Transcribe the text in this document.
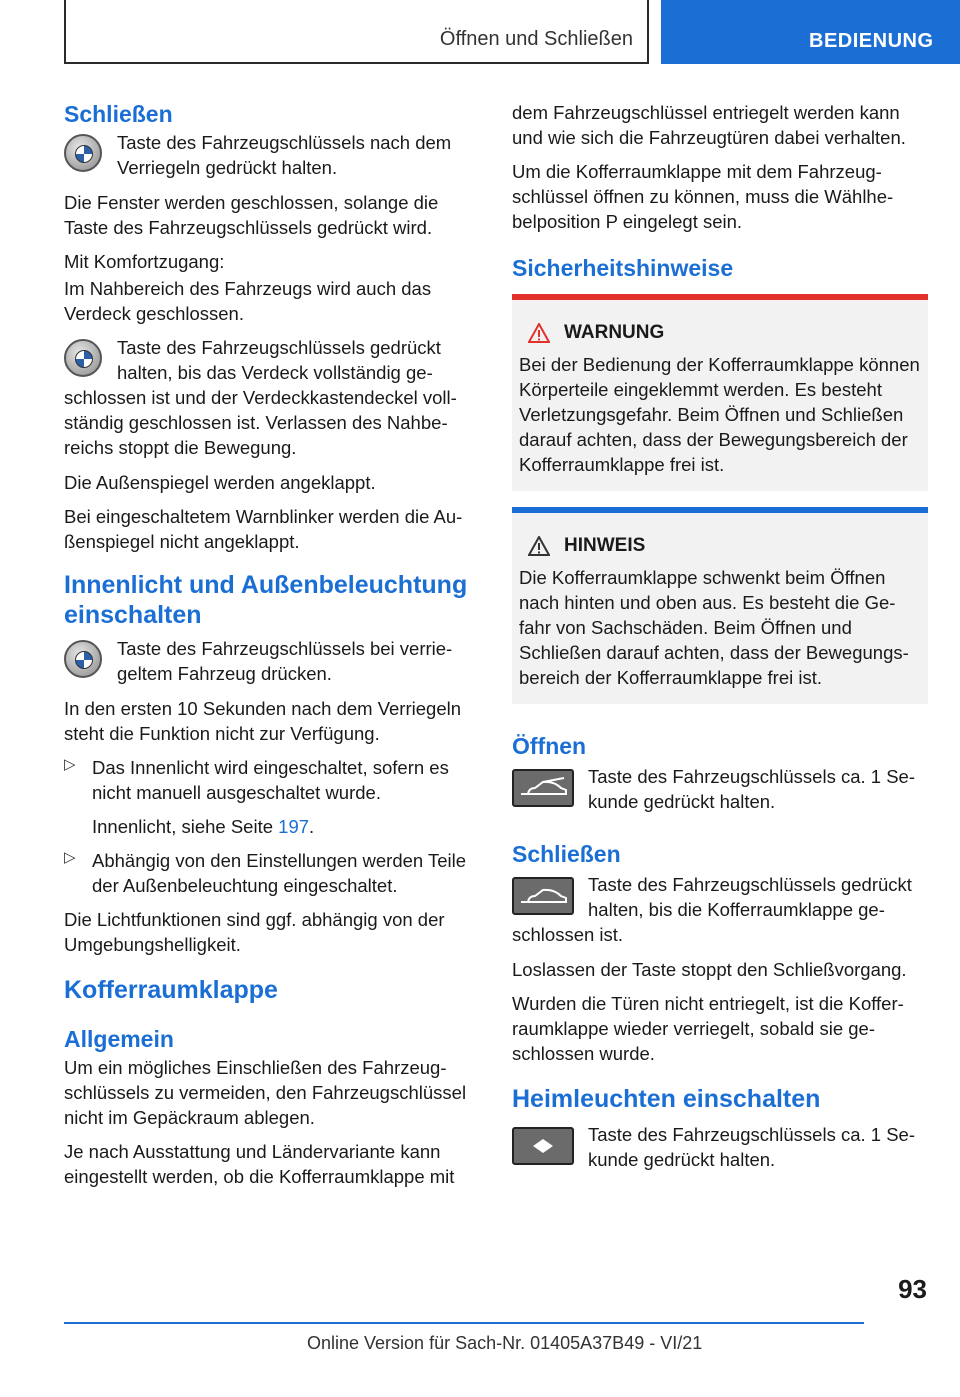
Öffnen und Schließen	BEDIENUNG
Schließen

Taste des Fahrzeugschlüssels nach dem Verriegeln gedrückt halten.

Die Fenster werden geschlossen, solange die Taste des Fahrzeugschlüssels gedrückt wird.

Mit Komfortzugang:

Im Nahbereich des Fahrzeugs wird auch das Verdeck geschlossen.

Taste des Fahrzeugschlüssels gedrückt halten, bis das Verdeck vollständig geschlossen ist und der Verdeckkastendeckel vollständig geschlossen ist. Verlassen des Nahbereichs stoppt die Bewegung.

Die Außenspiegel werden angeklappt.

Bei eingeschaltetem Warnblinker werden die Außenspiegel nicht angeklappt.

Innenlicht und Außenbeleuchtung einschalten

Taste des Fahrzeugschlüssels bei verriegeltem Fahrzeug drücken.

In den ersten 10 Sekunden nach dem Verriegeln steht die Funktion nicht zur Verfügung.

▷ Das Innenlicht wird eingeschaltet, sofern es nicht manuell ausgeschaltet wurde.

Innenlicht, siehe Seite 197.

▷ Abhängig von den Einstellungen werden Teile der Außenbeleuchtung eingeschaltet.

Die Lichtfunktionen sind ggf. abhängig von der Umgebungshelligkeit.

Kofferraumklappe
Allgemein

Um ein mögliches Einschließen des Fahrzeugschlüssels zu vermeiden, den Fahrzeugschlüssel nicht im Gepäckraum ablegen.

Je nach Ausstattung und Ländervariante kann eingestellt werden, ob die Kofferraumklappe mit

dem Fahrzeugschlüssel entriegelt werden kann und wie sich die Fahrzeugtüren dabei verhalten.

Um die Kofferraumklappe mit dem Fahrzeugschlüssel öffnen zu können, muss die Wählhebelposition P eingelegt sein.

Sicherheitshinweise
WARNUNG

Bei der Bedienung der Kofferraumklappe können Körperteile eingeklemmt werden. Es besteht Verletzungsgefahr. Beim Öffnen und Schließen darauf achten, dass der Bewegungsbereich der Kofferraumklappe frei ist.

HINWEIS

Die Kofferraumklappe schwenkt beim Öffnen nach hinten und oben aus. Es besteht die Gefahr von Sachschäden. Beim Öffnen und Schließen darauf achten, dass der Bewegungsbereich der Kofferraumklappe frei ist.

Öffnen

Taste des Fahrzeugschlüssels ca. 1 Sekunde gedrückt halten.

Schließen

Taste des Fahrzeugschlüssels gedrückt halten, bis die Kofferraumklappe geschlossen ist.

Loslassen der Taste stoppt den Schließvorgang.

Wurden die Türen nicht entriegelt, ist die Kofferraumklappe wieder verriegelt, sobald sie geschlossen wurde.

Heimleuchten einschalten

Taste des Fahrzeugschlüssels ca. 1 Sekunde gedrückt halten.

93
Online Version für Sach-Nr. 01405A37B49 - VI/21
